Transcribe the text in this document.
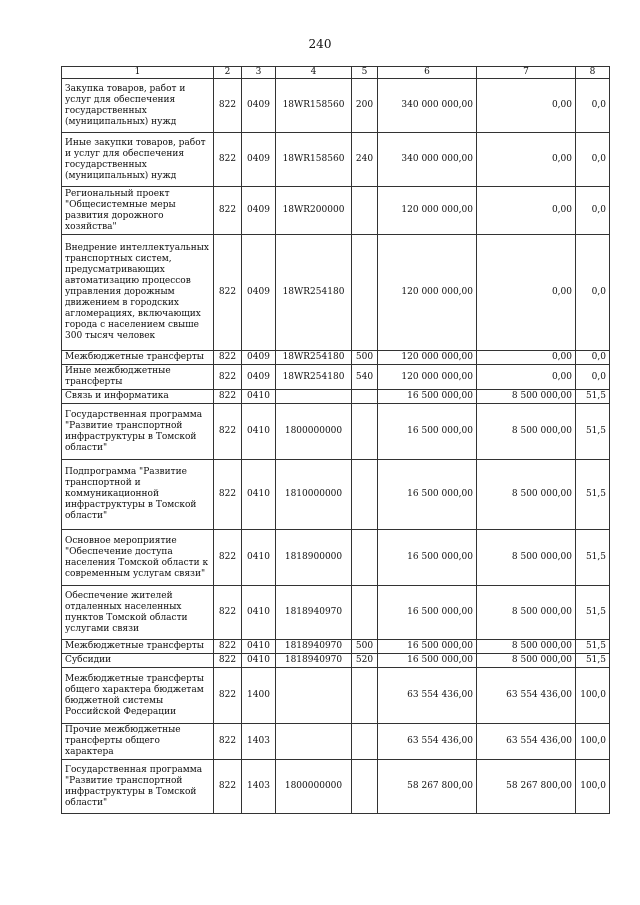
240
1	2	3	4	5	6	7	8
Закупка товаров, работ и услуг для обеспечения государственных (муниципальных) нужд	822	0409	18WR158560	200	340 000 000,00	0,00	0,0
Иные закупки товаров, работ и услуг для обеспечения государственных (муниципальных) нужд	822	0409	18WR158560	240	340 000 000,00	0,00	0,0
Региональный проект "Общесистемные меры развития дорожного хозяйства"	822	0409	18WR200000		120 000 000,00	0,00	0,0
Внедрение интеллектуальных транспортных систем, предусматривающих автоматизацию процессов управления дорожным движением в городских агломерациях, включающих города с населением свыше 300 тысяч человек	822	0409	18WR254180		120 000 000,00	0,00	0,0
Межбюджетные трансферты	822	0409	18WR254180	500	120 000 000,00	0,00	0,0
Иные межбюджетные трансферты	822	0409	18WR254180	540	120 000 000,00	0,00	0,0
Связь и информатика	822	0410			16 500 000,00	8 500 000,00	51,5
Государственная программа "Развитие транспортной инфраструктуры в Томской области"	822	0410	1800000000		16 500 000,00	8 500 000,00	51,5
Подпрограмма "Развитие транспортной и коммуникационной инфраструктуры в Томской области"	822	0410	1810000000		16 500 000,00	8 500 000,00	51,5
Основное мероприятие "Обеспечение доступа населения Томской области к современным услугам связи"	822	0410	1818900000		16 500 000,00	8 500 000,00	51,5
Обеспечение жителей отдаленных населенных пунктов Томской области услугами связи	822	0410	1818940970		16 500 000,00	8 500 000,00	51,5
Межбюджетные трансферты	822	0410	1818940970	500	16 500 000,00	8 500 000,00	51,5
Субсидии	822	0410	1818940970	520	16 500 000,00	8 500 000,00	51,5
Межбюджетные трансферты общего характера бюджетам бюджетной системы Российской Федерации	822	1400			63 554 436,00	63 554 436,00	100,0
Прочие межбюджетные трансферты общего характера	822	1403			63 554 436,00	63 554 436,00	100,0
Государственная программа "Развитие транспортной инфраструктуры в Томской области"	822	1403	1800000000		58 267 800,00	58 267 800,00	100,0
